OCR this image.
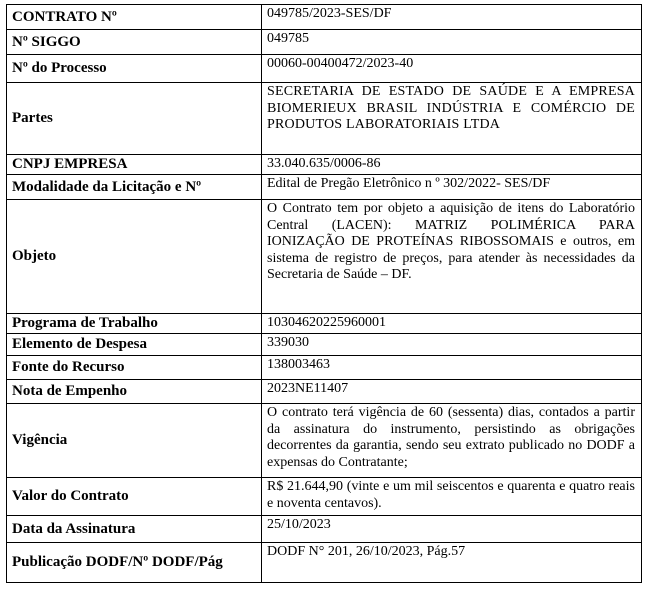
CONTRATO Nº	049785/2023-SES/DF
Nº SIGGO	049785
Nº do Processo	00060-00400472/2023-40
Partes	SECRETARIA DE ESTADO DE SAÚDE E A EMPRESA BIOMERIEUX BRASIL INDÚSTRIA E COMÉRCIO DE PRODUTOS LABORATORIAIS LTDA
CNPJ EMPRESA	33.040.635/0006-86
Modalidade da Licitação e Nº	Edital de Pregão Eletrônico n º 302/2022- SES/DF
Objeto	O Contrato tem por objeto a aquisição de itens do Laboratório Central (LACEN): MATRIZ POLIMÉRICA PARA IONIZAÇÃO DE PROTEÍNAS RIBOSSOMAIS e outros, em sistema de registro de preços, para atender às necessidades da Secretaria de Saúde – DF.
Programa de Trabalho	10304620225960001
Elemento de Despesa	339030
Fonte do Recurso	138003463
Nota de Empenho	2023NE11407
Vigência	O contrato terá vigência de 60 (sessenta) dias, contados a partir da assinatura do instrumento, persistindo as obrigações decorrentes da garantia, sendo seu extrato publicado no DODF a expensas do Contratante;
Valor do Contrato	R$ 21.644,90 (vinte e um mil seiscentos e quarenta e quatro reais e noventa centavos).
Data da Assinatura	25/10/2023
Publicação DODF/Nº DODF/Pág	DODF N° 201, 26/10/2023, Pág.57
